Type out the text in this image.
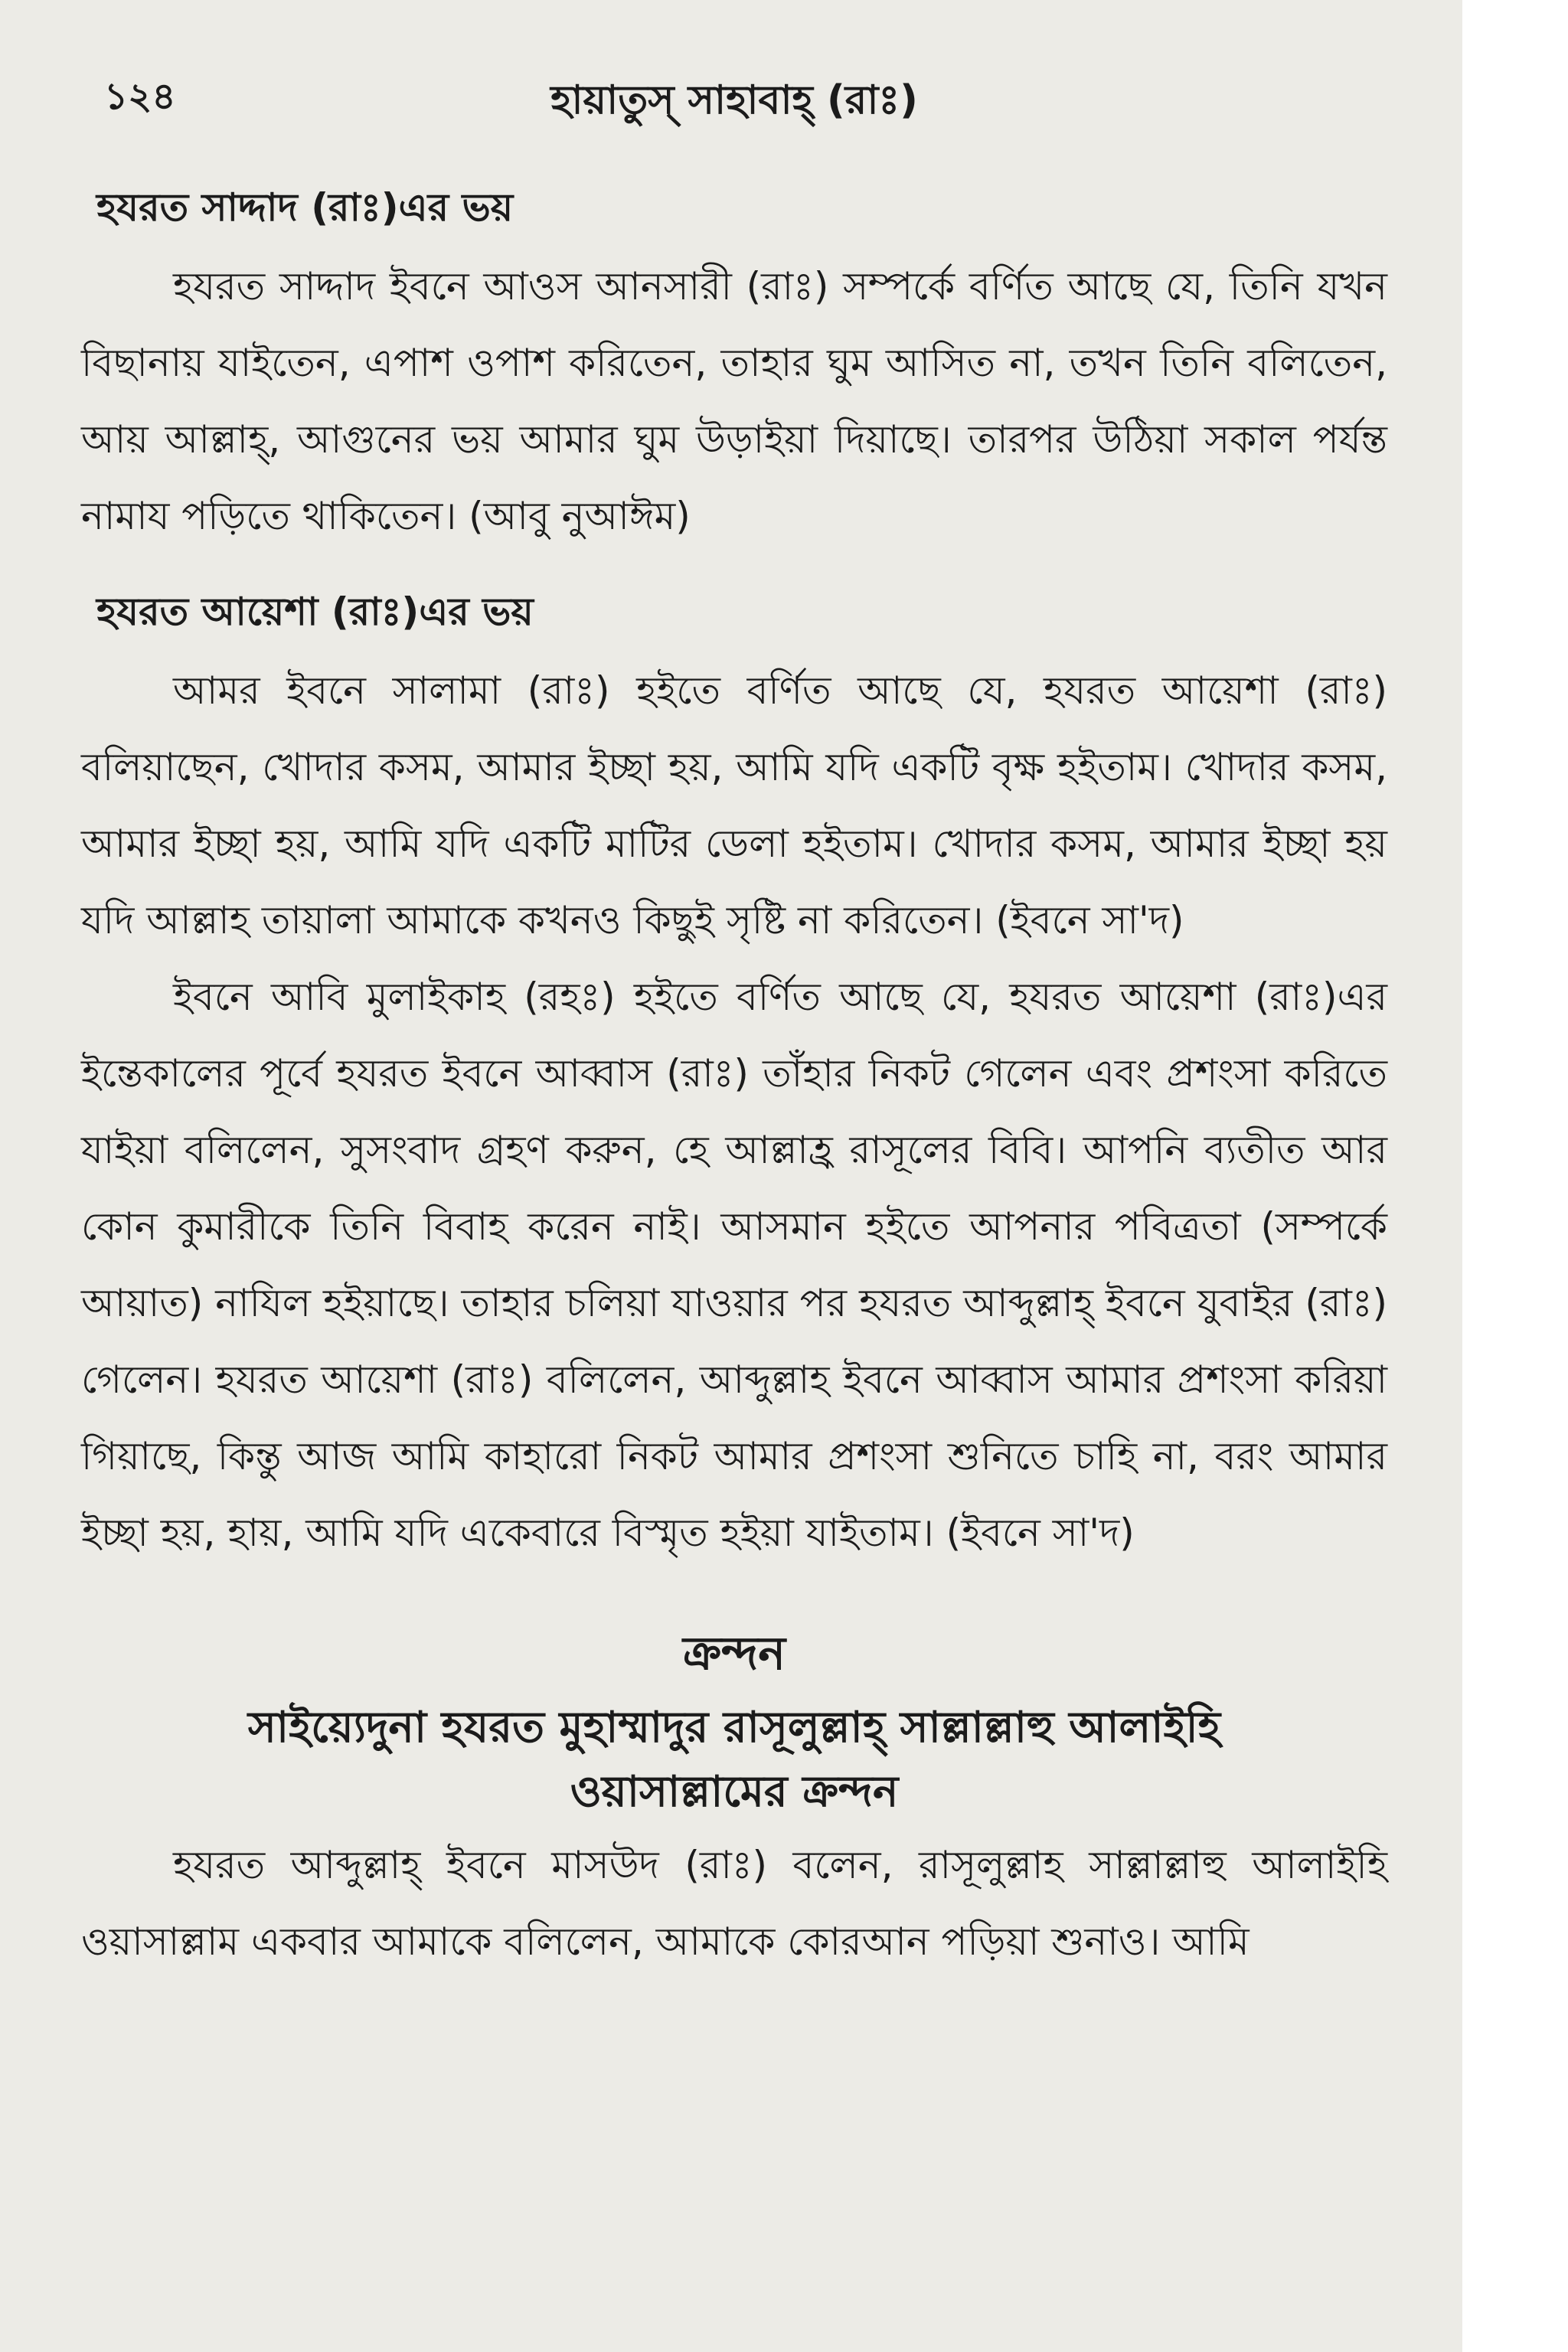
১২৪	হায়াতুস্ সাহাবাহ্ (রাঃ)
হযরত সাদ্দাদ (রাঃ)এর ভয়

হযরত সাদ্দাদ ইবনে আওস আনসারী (রাঃ) সম্পর্কে বর্ণিত আছে যে, তিনি যখন বিছানায় যাইতেন, এপাশ ওপাশ করিতেন, তাহার ঘুম আসিত না, তখন তিনি বলিতেন, আয় আল্লাহ্, আগুনের ভয় আমার ঘুম উড়াইয়া দিয়াছে। তারপর উঠিয়া সকাল পর্যন্ত নামায পড়িতে থাকিতেন। (আবু নুআঈম)

হযরত আয়েশা (রাঃ)এর ভয়

আমর ইবনে সালামা (রাঃ) হইতে বর্ণিত আছে যে, হযরত আয়েশা (রাঃ) বলিয়াছেন, খোদার কসম, আমার ইচ্ছা হয়, আমি যদি একটি বৃক্ষ হইতাম। খোদার কসম, আমার ইচ্ছা হয়, আমি যদি একটি মাটির ডেলা হইতাম। খোদার কসম, আমার ইচ্ছা হয় যদি আল্লাহ তায়ালা আমাকে কখনও কিছুই সৃষ্টি না করিতেন। (ইবনে সা'দ)

ইবনে আবি মুলাইকাহ (রহঃ) হইতে বর্ণিত আছে যে, হযরত আয়েশা (রাঃ)এর ইন্তেকালের পূর্বে হযরত ইবনে আব্বাস (রাঃ) তাঁহার নিকট গেলেন এবং প্রশংসা করিতে যাইয়া বলিলেন, সুসংবাদ গ্রহণ করুন, হে আল্লাহ্র রাসূলের বিবি। আপনি ব্যতীত আর কোন কুমারীকে তিনি বিবাহ করেন নাই। আসমান হইতে আপনার পবিত্রতা (সম্পর্কে আয়াত) নাযিল হইয়াছে। তাহার চলিয়া যাওয়ার পর হযরত আব্দুল্লাহ্ ইবনে যুবাইর (রাঃ) গেলেন। হযরত আয়েশা (রাঃ) বলিলেন, আব্দুল্লাহ ইবনে আব্বাস আমার প্রশংসা করিয়া গিয়াছে, কিন্তু আজ আমি কাহারো নিকট আমার প্রশংসা শুনিতে চাহি না, বরং আমার ইচ্ছা হয়, হায়, আমি যদি একেবারে বিস্মৃত হইয়া যাইতাম। (ইবনে সা'দ)

ক্রন্দন
সাইয়্যেদুনা হযরত মুহাম্মাদুর রাসূলুল্লাহ্ সাল্লাল্লাহু আলাইহি
ওয়াসাল্লামের ক্রন্দন

হযরত আব্দুল্লাহ্ ইবনে মাসউদ (রাঃ) বলেন, রাসূলুল্লাহ সাল্লাল্লাহু আলাইহি ওয়াসাল্লাম একবার আমাকে বলিলেন, আমাকে কোরআন পড়িয়া শুনাও। আমি
